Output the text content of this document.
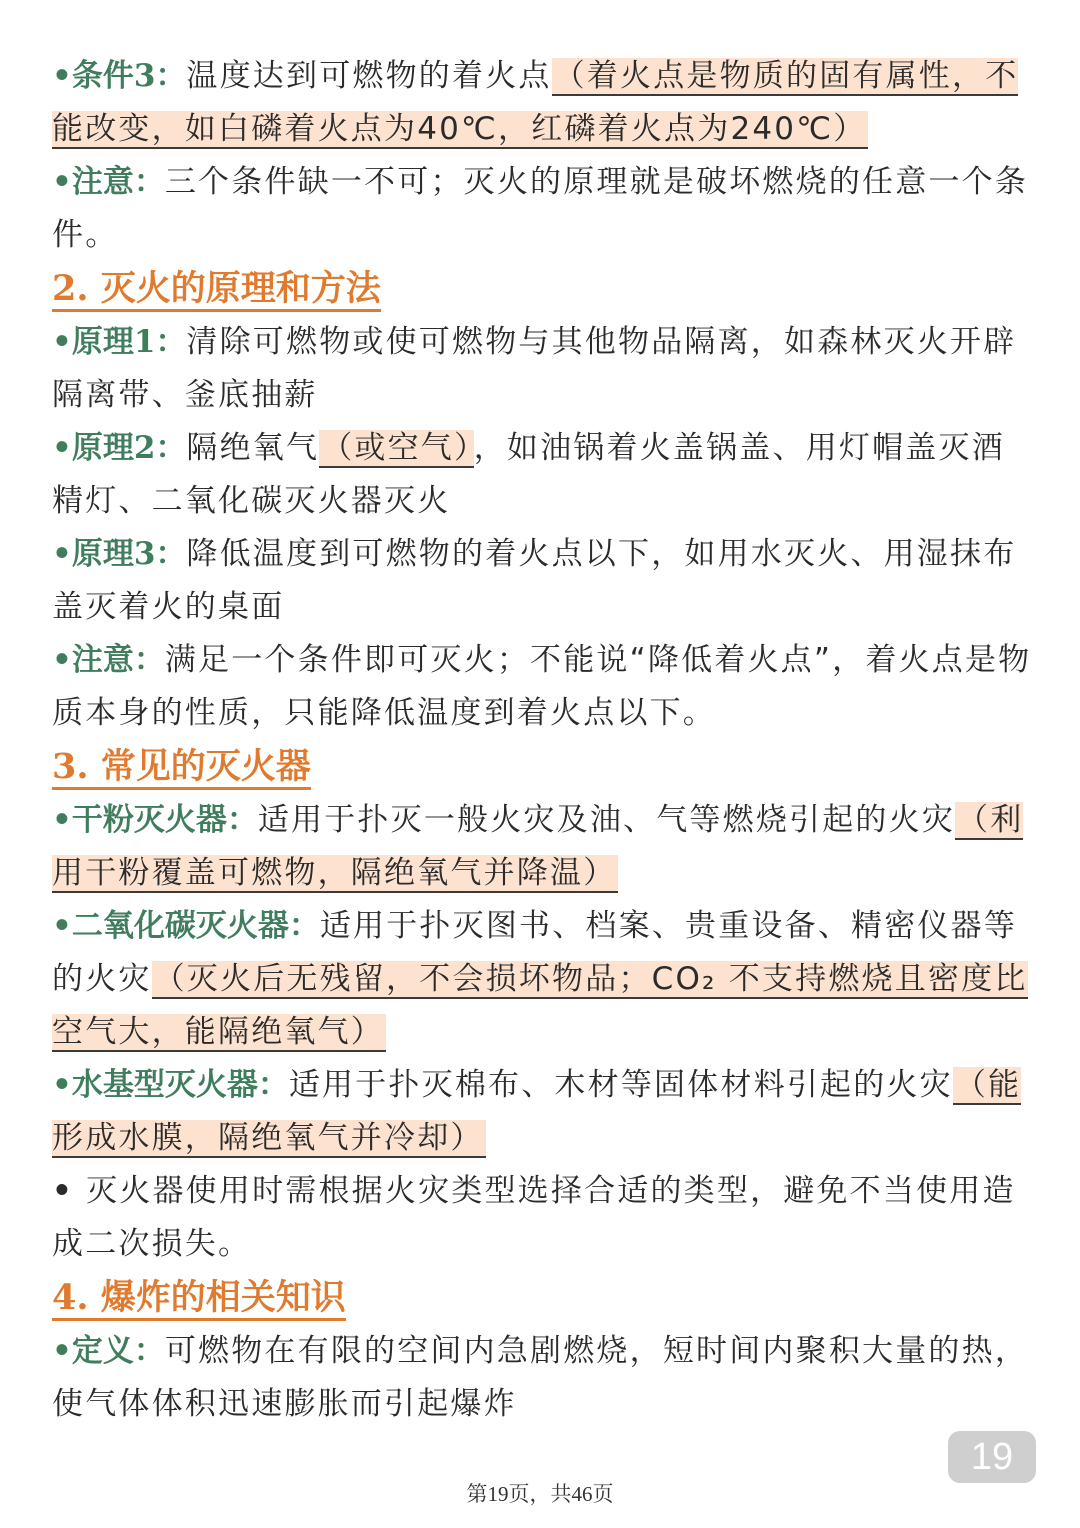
•条件3：温度达到可燃物的着火点（着火点是物质的固有属性，不能改变，如白磷着火点为40℃，红磷着火点为240℃）

•注意：三个条件缺一不可；灭火的原理就是破坏燃烧的任意一个条件。

2. 灭火的原理和方法

•原理1：清除可燃物或使可燃物与其他物品隔离，如森林灭火开辟隔离带、釜底抽薪

•原理2：隔绝氧气（或空气），如油锅着火盖锅盖、用灯帽盖灭酒精灯、二氧化碳灭火器灭火

•原理3：降低温度到可燃物的着火点以下，如用水灭火、用湿抹布盖灭着火的桌面

•注意：满足一个条件即可灭火；不能说“降低着火点”，着火点是物质本身的性质，只能降低温度到着火点以下。

3. 常见的灭火器

•干粉灭火器：适用于扑灭一般火灾及油、气等燃烧引起的火灾（利用干粉覆盖可燃物，隔绝氧气并降温）

•二氧化碳灭火器：适用于扑灭图书、档案、贵重设备、精密仪器等的火灾（灭火后无残留，不会损坏物品；CO₂ 不支持燃烧且密度比空气大，能隔绝氧气）

•水基型灭火器：适用于扑灭棉布、木材等固体材料引起的火灾（能形成水膜，隔绝氧气并冷却）

• 灭火器使用时需根据火灾类型选择合适的类型，避免不当使用造成二次损失。

4. 爆炸的相关知识

•定义：可燃物在有限的空间内急剧燃烧，短时间内聚积大量的热，使气体体积迅速膨胀而引起爆炸

19
第19页，共46页
